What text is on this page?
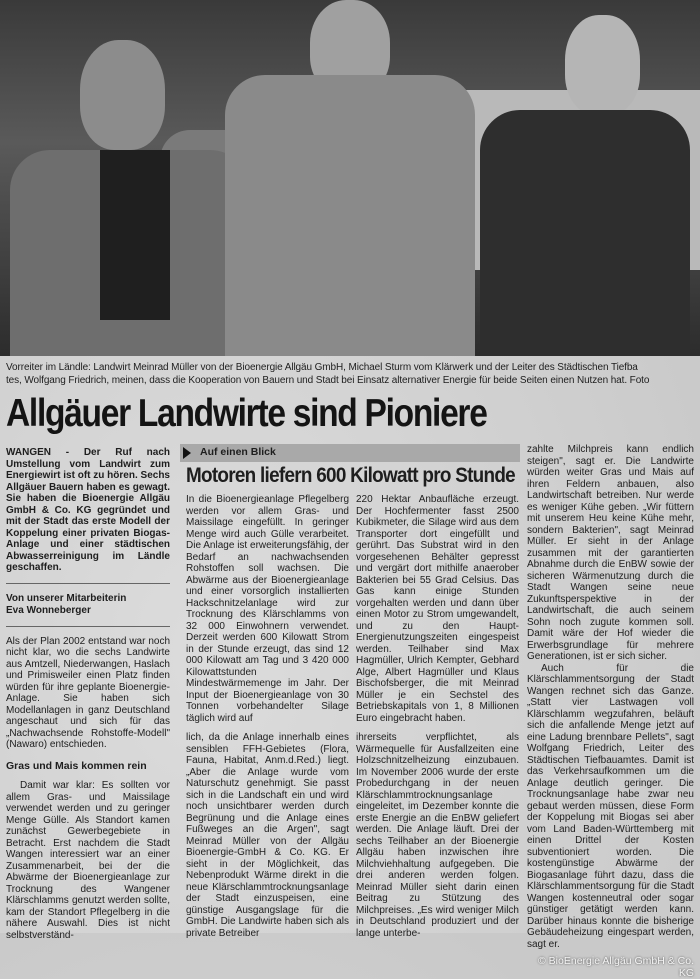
Vorreiter im Ländle: Landwirt Meinrad Müller von der Bioenergie Allgäu GmbH, Michael Sturm vom Klärwerk und der Leiter des Städtischen Tiefba
tes, Wolfgang Friedrich, meinen, dass die Kooperation von Bauern und Stadt bei Einsatz alternativer Energie für beide Seiten einen Nutzen hat. Foto
Allgäuer Landwirte sind Pioniere

WANGEN - Der Ruf nach Umstellung vom Landwirt zum Energiewirt ist oft zu hören. Sechs Allgäuer Bauern haben es gewagt. Sie haben die Bioenergie Allgäu GmbH & Co. KG gegründet und mit der Stadt das erste Modell der Koppelung einer privaten Biogas-Anlage und einer städtischen Abwasserreinigung im Ländle geschaffen.

Von unserer Mitarbeiterin
Eva Wonneberger

Als der Plan 2002 entstand war noch nicht klar, wo die sechs Landwirte aus Amtzell, Niederwangen, Haslach und Primisweiler einen Platz finden würden für ihre geplante Bioenergie-Anlage. Sie haben sich Modellanlagen in ganz Deutschland angeschaut und sich für das „Nachwachsende Rohstoffe-Modell" (Nawaro) entschieden.

Gras und Mais kommen rein

Damit war klar: Es sollten vor allem Gras- und Maissilage verwendet werden und zu geringer Menge Gülle. Als Standort kamen zunächst Gewerbegebiete in Betracht. Erst nachdem die Stadt Wangen interessiert war an einer Zusammenarbeit, bei der die Abwärme der Bioenergieanlage zur Trocknung des Wangener Klärschlamms genutzt werden sollte, kam der Standort Pflegelberg in die nähere Auswahl. Dies ist nicht selbstverständ-

Auf einen Blick
Motoren liefern 600 Kilowatt pro Stunde

In die Bioenergieanlage Pflegelberg werden vor allem Gras- und Maissilage eingefüllt. In geringer Menge wird auch Gülle verarbeitet. Die Anlage ist erweiterungsfähig, der Bedarf an nachwachsenden Rohstoffen soll wachsen. Die Abwärme aus der Bioenergieanlage und einer vorsorglich installierten Hackschnitzelanlage wird zur Trocknung des Klärschlamms von 32 000 Einwohnern verwendet. Derzeit werden 600 Kilowatt Strom in der Stunde erzeugt, das sind 12 000 Kilowatt am Tag und 3 420 000 Kilowattstunden Mindestwärmemenge im Jahr. Der Input der Bioenergieanlage von 30 Tonnen vorbehandelter Silage täglich wird auf

lich, da die Anlage innerhalb eines sensiblen FFH-Gebietes (Flora, Fauna, Habitat, Anm.d.Red.) liegt. „Aber die Anlage wurde vom Naturschutz genehmigt. Sie passt sich in die Landschaft ein und wird noch unsichtbarer werden durch Begrünung und die Anlage eines Fußweges an die Argen", sagt Meinrad Müller von der Allgäu Bioenergie-GmbH & Co. KG. Er sieht in der Möglichkeit, das Nebenprodukt Wärme direkt in die neue Klärschlammtrocknungsanlage der Stadt einzuspeisen, eine günstige Ausgangslage für die GmbH. Die Landwirte haben sich als private Betreiber

220 Hektar Anbaufläche erzeugt. Der Hochfermenter fasst 2500 Kubikmeter, die Silage wird aus dem Transporter dort eingefüllt und gerührt. Das Substrat wird in den vorgesehenen Behälter gepresst und vergärt dort mithilfe anaerober Bakterien bei 55 Grad Celsius. Das Gas kann einige Stunden vorgehalten werden und dann über einen Motor zu Strom umgewandelt, und zu den Haupt-Energienutzungszeiten eingespeist werden. Teilhaber sind Max Hagmüller, Ulrich Kempter, Gebhard Alge, Albert Hagmüller und Klaus Bischofsberger, die mit Meinrad Müller je ein Sechstel des Betriebskapitals von 1, 8 Millionen Euro eingebracht haben.

ihrerseits verpflichtet, als Wärmequelle für Ausfallzeiten eine Holzschnitzelheizung einzubauen. Im November 2006 wurde der erste Probedurchgang in der neuen Klärschlammtrocknungsanlage eingeleitet, im Dezember konnte die erste Energie an die EnBW geliefert werden. Die Anlage läuft. Drei der sechs Teilhaber an der Bioenergie Allgäu haben inzwischen ihre Milchviehhaltung aufgegeben. Die drei anderen werden folgen. Meinrad Müller sieht darin einen Beitrag zu Stützung des Milchpreises. „Es wird weniger Milch in Deutschland produziert und der lange unterbe-

zahlte Milchpreis kann endlich steigen", sagt er. Die Landwirte würden weiter Gras und Mais auf ihren Feldern anbauen, also Landwirtschaft betreiben. Nur werde es weniger Kühe geben. „Wir füttern mit unserem Heu keine Kühe mehr, sondern Bakterien", sagt Meinrad Müller. Er sieht in der Anlage zusammen mit der garantierten Abnahme durch die EnBW sowie der sicheren Wärmenutzung durch die Stadt Wangen seine neue Zukunftsperspektive in der Landwirtschaft, die auch seinem Sohn noch zugute kommen soll. Damit wäre der Hof wieder die Erwerbsgrundlage für mehrere Generationen, ist er sich sicher.

Auch für die Klärschlammentsorgung der Stadt Wangen rechnet sich das Ganze. „Statt vier Lastwagen voll Klärschlamm wegzufahren, beläuft sich die anfallende Menge jetzt auf eine Ladung brennbare Pellets", sagt Wolfgang Friedrich, Leiter des Städtischen Tiefbauamtes. Damit ist das Verkehrsaufkommen um die Anlage deutlich geringer. Die Trocknungsanlage habe zwar neu gebaut werden müssen, diese Form der Koppelung mit Biogas sei aber vom Land Baden-Württemberg mit einen Drittel der Kosten subventioniert worden. Die kostengünstige Abwärme der Biogasanlage führt dazu, dass die Klärschlammentsorgung für die Stadt Wangen kostenneutral oder sogar günstiger getätigt werden kann. Darüber hinaus konnte die bisherige Gebäudeheizung eingespart werden, sagt er.

© BioEnergie Allgäu GmbH & Co. KG
